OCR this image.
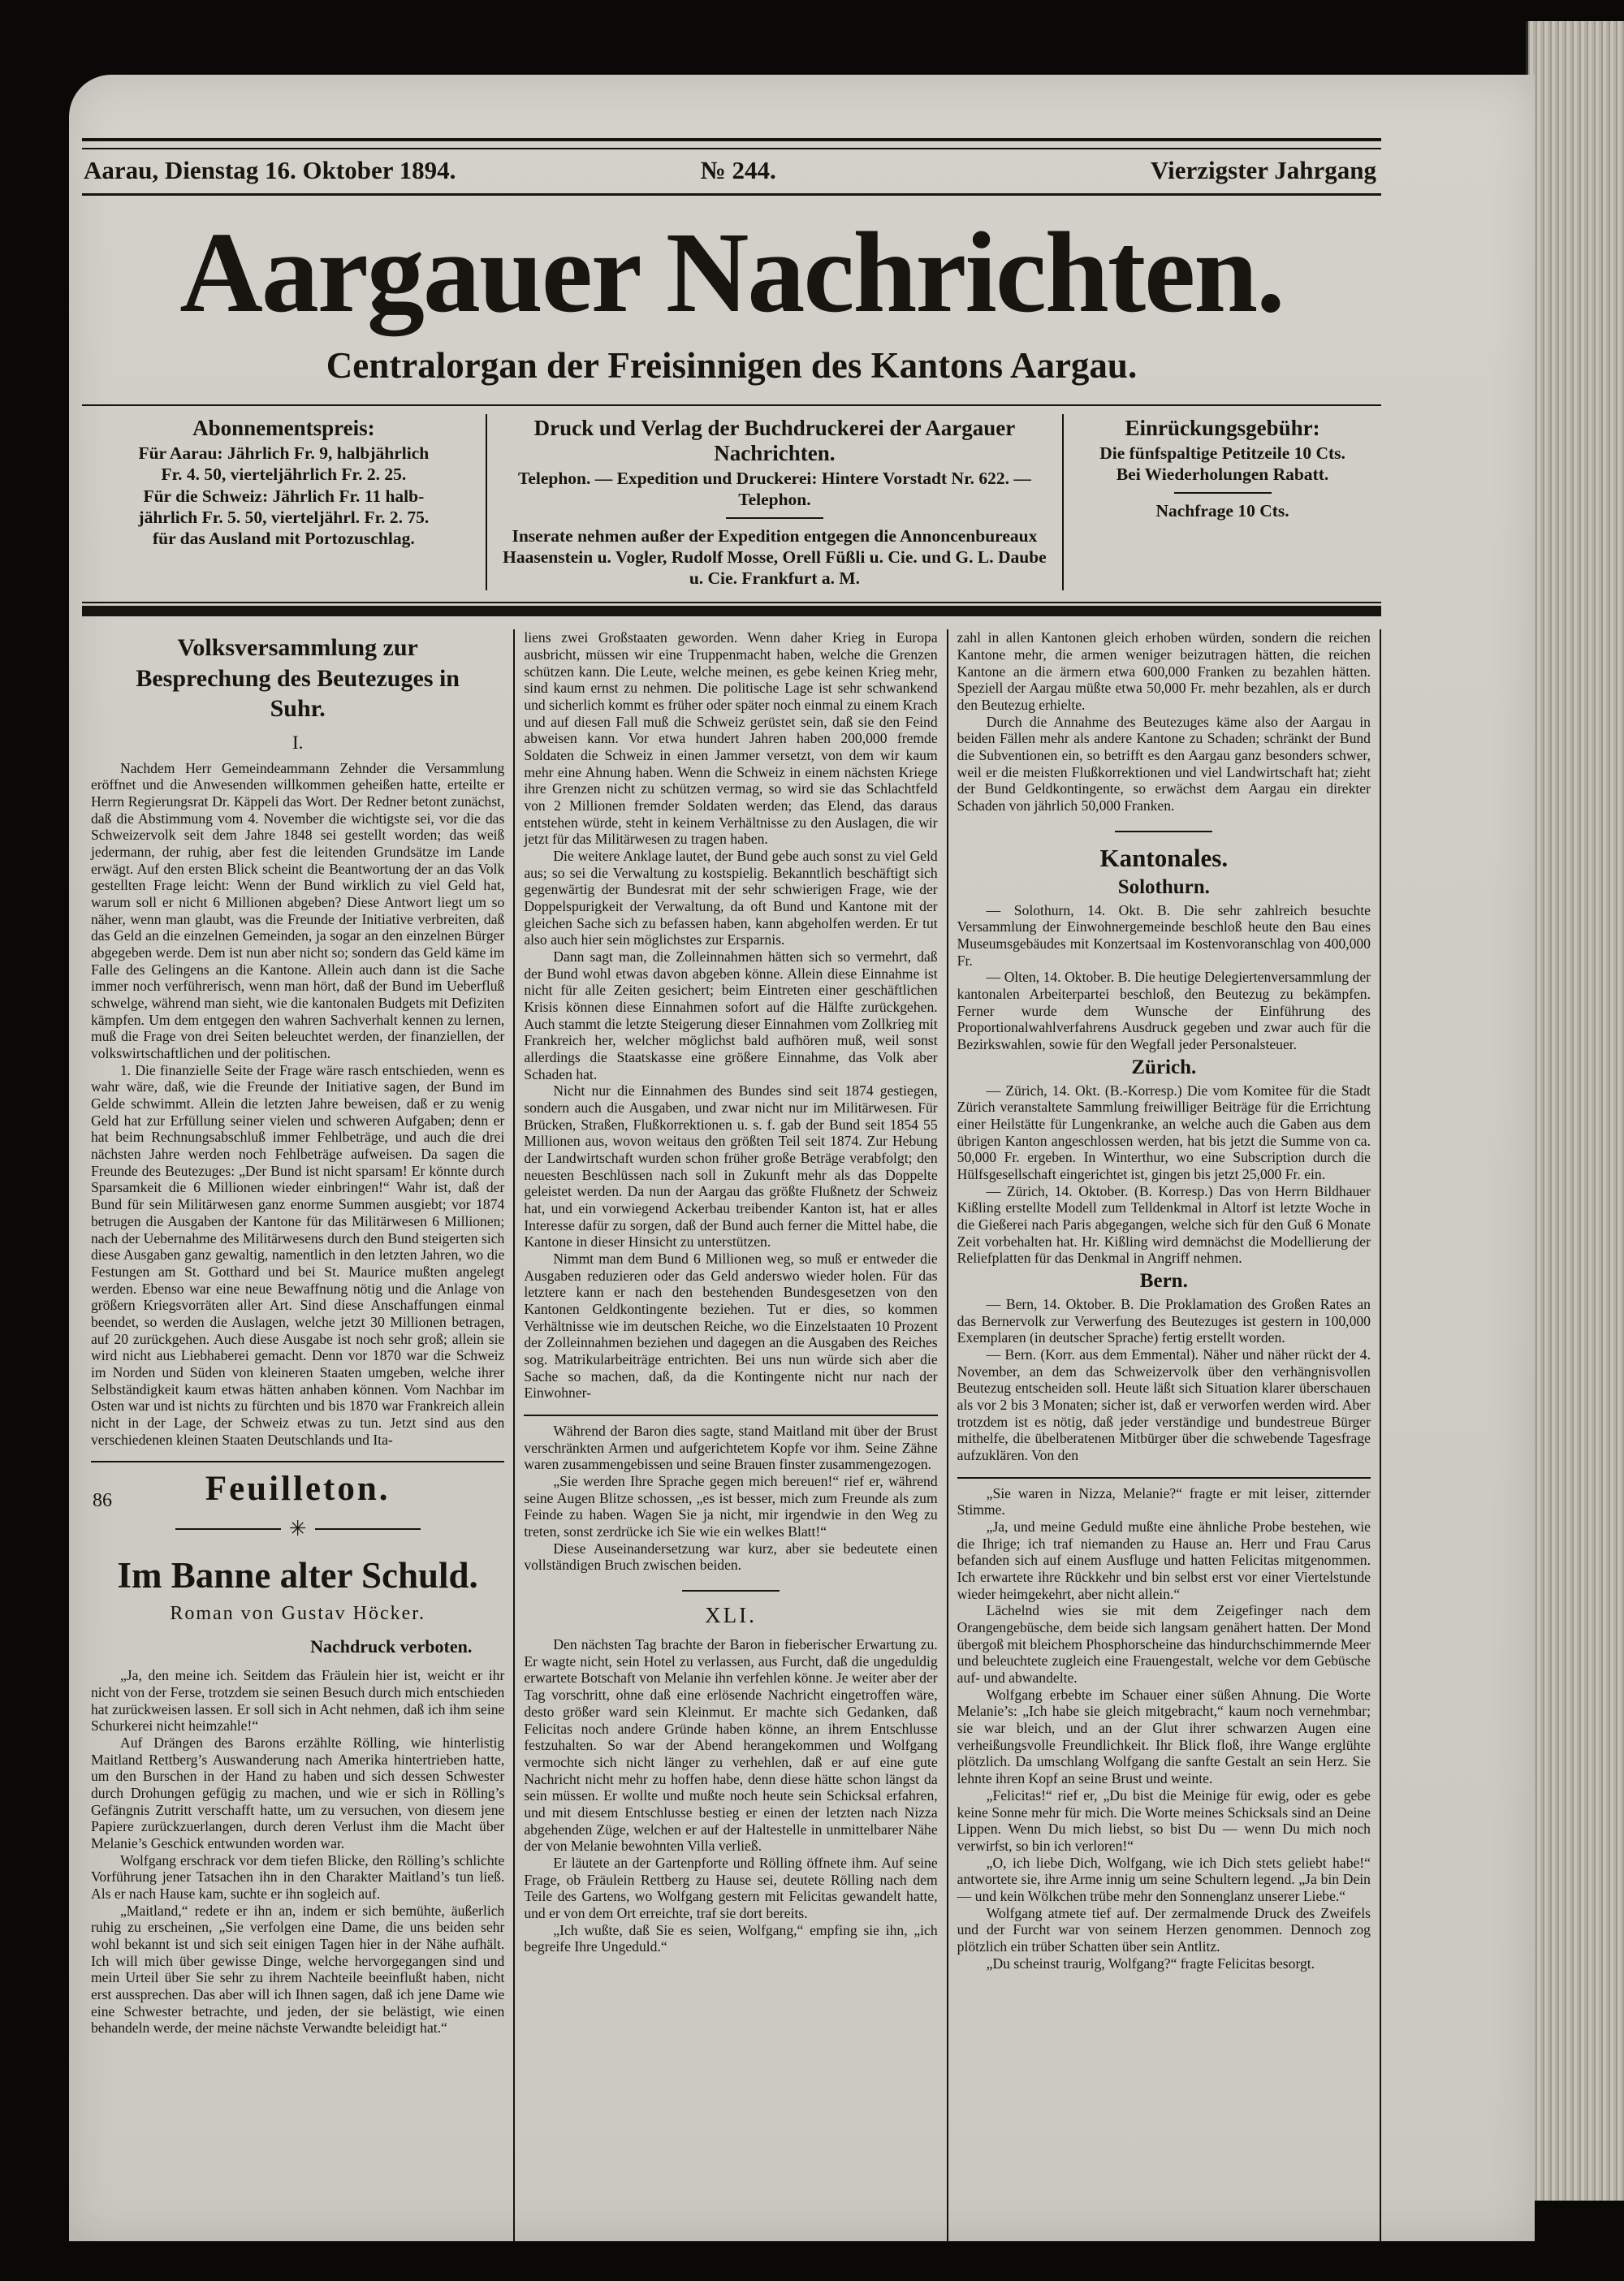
Aarau, Dienstag 16. Oktober 1894.	№ 244.	Vierzigster Jahrgang
Aargauer Nachrichten.
Centralorgan der Freisinnigen des Kantons Aargau.
Abonnementspreis:

Für Aarau: Jährlich Fr. 9, halbjährlich

Fr. 4. 50, vierteljährlich Fr. 2. 25.

Für die Schweiz: Jährlich Fr. 11 halb-

jährlich Fr. 5. 50, vierteljährl. Fr. 2. 75.

für das Ausland mit Portozuschlag.

Druck und Verlag der Buchdruckerei der Aargauer Nachrichten.
Telephon. — Expedition und Druckerei: Hintere Vorstadt Nr. 622. — Telephon.
Inserate nehmen außer der Expedition entgegen die Annoncenbureaux
Haasenstein u. Vogler, Rudolf Mosse, Orell Füßli u. Cie. und G. L. Daube u. Cie. Frankfurt a. M.
Einrückungsgebühr:

Die fünfspaltige Petitzeile 10 Cts.

Bei Wiederholungen Rabatt.

Nachfrage 10 Cts.
Volksversammlung zur Besprechung des Beutezuges in Suhr.
I.

Nachdem Herr Gemeindeammann Zehnder die Versammlung eröffnet und die Anwesenden willkommen geheißen hatte, erteilte er Herrn Regierungsrat Dr. Käppeli das Wort. Der Redner betont zunächst, daß die Abstimmung vom 4. November die wichtigste sei, vor die das Schweizervolk seit dem Jahre 1848 sei gestellt worden; das weiß jedermann, der ruhig, aber fest die leitenden Grundsätze im Lande erwägt. Auf den ersten Blick scheint die Beantwortung der an das Volk gestellten Frage leicht: Wenn der Bund wirklich zu viel Geld hat, warum soll er nicht 6 Millionen abgeben? Diese Antwort liegt um so näher, wenn man glaubt, was die Freunde der Initiative verbreiten, daß das Geld an die einzelnen Gemeinden, ja sogar an den einzelnen Bürger abgegeben werde. Dem ist nun aber nicht so; sondern das Geld käme im Falle des Gelingens an die Kantone. Allein auch dann ist die Sache immer noch verführerisch, wenn man hört, daß der Bund im Ueberfluß schwelge, während man sieht, wie die kantonalen Budgets mit Defiziten kämpfen. Um dem entgegen den wahren Sachverhalt kennen zu lernen, muß die Frage von drei Seiten beleuchtet werden, der finanziellen, der volkswirtschaftlichen und der politischen.

1. Die finanzielle Seite der Frage wäre rasch entschieden, wenn es wahr wäre, daß, wie die Freunde der Initiative sagen, der Bund im Gelde schwimmt. Allein die letzten Jahre beweisen, daß er zu wenig Geld hat zur Erfüllung seiner vielen und schweren Aufgaben; denn er hat beim Rechnungsabschluß immer Fehlbeträge, und auch die drei nächsten Jahre werden noch Fehlbeträge aufweisen. Da sagen die Freunde des Beutezuges: „Der Bund ist nicht sparsam! Er könnte durch Sparsamkeit die 6 Millionen wieder einbringen!“ Wahr ist, daß der Bund für sein Militärwesen ganz enorme Summen ausgiebt; vor 1874 betrugen die Ausgaben der Kantone für das Militärwesen 6 Millionen; nach der Uebernahme des Militärwesens durch den Bund steigerten sich diese Ausgaben ganz gewaltig, namentlich in den letzten Jahren, wo die Festungen am St. Gotthard und bei St. Maurice mußten angelegt werden. Ebenso war eine neue Bewaffnung nötig und die Anlage von größern Kriegsvorräten aller Art. Sind diese Anschaffungen einmal beendet, so werden die Auslagen, welche jetzt 30 Millionen betragen, auf 20 zurückgehen. Auch diese Ausgabe ist noch sehr groß; allein sie wird nicht aus Liebhaberei gemacht. Denn vor 1870 war die Schweiz im Norden und Süden von kleineren Staaten umgeben, welche ihrer Selbständigkeit kaum etwas hätten anhaben können. Vom Nachbar im Osten war und ist nichts zu fürchten und bis 1870 war Frankreich allein nicht in der Lage, der Schweiz etwas zu tun. Jetzt sind aus den verschiedenen kleinen Staaten Deutschlands und Ita-

86	Feuilleton.
✳
Im Banne alter Schuld.
Roman von Gustav Höcker.
Nachdruck verboten.

„Ja, den meine ich. Seitdem das Fräulein hier ist, weicht er ihr nicht von der Ferse, trotzdem sie seinen Besuch durch mich entschieden hat zurückweisen lassen. Er soll sich in Acht nehmen, daß ich ihm seine Schurkerei nicht heimzahle!“

Auf Drängen des Barons erzählte Rölling, wie hinterlistig Maitland Rettberg’s Auswanderung nach Amerika hintertrieben hatte, um den Burschen in der Hand zu haben und sich dessen Schwester durch Drohungen gefügig zu machen, und wie er sich in Rölling’s Gefängnis Zutritt verschafft hatte, um zu versuchen, von diesem jene Papiere zurückzuerlangen, durch deren Verlust ihm die Macht über Melanie’s Geschick entwunden worden war.

Wolfgang erschrack vor dem tiefen Blicke, den Rölling’s schlichte Vorführung jener Tatsachen ihn in den Charakter Maitland’s tun ließ. Als er nach Hause kam, suchte er ihn sogleich auf.

„Maitland,“ redete er ihn an, indem er sich bemühte, äußerlich ruhig zu erscheinen, „Sie verfolgen eine Dame, die uns beiden sehr wohl bekannt ist und sich seit einigen Tagen hier in der Nähe aufhält. Ich will mich über gewisse Dinge, welche hervorgegangen sind und mein Urteil über Sie sehr zu ihrem Nachteile beeinflußt haben, nicht erst aussprechen. Das aber will ich Ihnen sagen, daß ich jene Dame wie eine Schwester betrachte, und jeden, der sie belästigt, wie einen behandeln werde, der meine nächste Verwandte beleidigt hat.“

liens zwei Großstaaten geworden. Wenn daher Krieg in Europa ausbricht, müssen wir eine Truppenmacht haben, welche die Grenzen schützen kann. Die Leute, welche meinen, es gebe keinen Krieg mehr, sind kaum ernst zu nehmen. Die politische Lage ist sehr schwankend und sicherlich kommt es früher oder später noch einmal zu einem Krach und auf diesen Fall muß die Schweiz gerüstet sein, daß sie den Feind abweisen kann. Vor etwa hundert Jahren haben 200,000 fremde Soldaten die Schweiz in einen Jammer versetzt, von dem wir kaum mehr eine Ahnung haben. Wenn die Schweiz in einem nächsten Kriege ihre Grenzen nicht zu schützen vermag, so wird sie das Schlachtfeld von 2 Millionen fremder Soldaten werden; das Elend, das daraus entstehen würde, steht in keinem Verhältnisse zu den Auslagen, die wir jetzt für das Militärwesen zu tragen haben.

Die weitere Anklage lautet, der Bund gebe auch sonst zu viel Geld aus; so sei die Verwaltung zu kostspielig. Bekanntlich beschäftigt sich gegenwärtig der Bundesrat mit der sehr schwierigen Frage, wie der Doppelspurigkeit der Verwaltung, da oft Bund und Kantone mit der gleichen Sache sich zu befassen haben, kann abgeholfen werden. Er tut also auch hier sein möglichstes zur Ersparnis.

Dann sagt man, die Zolleinnahmen hätten sich so vermehrt, daß der Bund wohl etwas davon abgeben könne. Allein diese Einnahme ist nicht für alle Zeiten gesichert; beim Eintreten einer geschäftlichen Krisis können diese Einnahmen sofort auf die Hälfte zurückgehen. Auch stammt die letzte Steigerung dieser Einnahmen vom Zollkrieg mit Frankreich her, welcher möglichst bald aufhören muß, weil sonst allerdings die Staatskasse eine größere Einnahme, das Volk aber Schaden hat.

Nicht nur die Einnahmen des Bundes sind seit 1874 gestiegen, sondern auch die Ausgaben, und zwar nicht nur im Militärwesen. Für Brücken, Straßen, Flußkorrektionen u. s. f. gab der Bund seit 1854 55 Millionen aus, wovon weitaus den größten Teil seit 1874. Zur Hebung der Landwirtschaft wurden schon früher große Beträge verabfolgt; den neuesten Beschlüssen nach soll in Zukunft mehr als das Doppelte geleistet werden. Da nun der Aargau das größte Flußnetz der Schweiz hat, und ein vorwiegend Ackerbau treibender Kanton ist, hat er alles Interesse dafür zu sorgen, daß der Bund auch ferner die Mittel habe, die Kantone in dieser Hinsicht zu unterstützen.

Nimmt man dem Bund 6 Millionen weg, so muß er entweder die Ausgaben reduzieren oder das Geld anderswo wieder holen. Für das letztere kann er nach den bestehenden Bundesgesetzen von den Kantonen Geldkontingente beziehen. Tut er dies, so kommen Verhältnisse wie im deutschen Reiche, wo die Einzelstaaten 10 Prozent der Zolleinnahmen beziehen und dagegen an die Ausgaben des Reiches sog. Matrikularbeiträge entrichten. Bei uns nun würde sich aber die Sache so machen, daß, da die Kontingente nicht nur nach der Einwohner-

Während der Baron dies sagte, stand Maitland mit über der Brust verschränkten Armen und aufgerichtetem Kopfe vor ihm. Seine Zähne waren zusammengebissen und seine Brauen finster zusammengezogen.

„Sie werden Ihre Sprache gegen mich bereuen!“ rief er, während seine Augen Blitze schossen, „es ist besser, mich zum Freunde als zum Feinde zu haben. Wagen Sie ja nicht, mir irgendwie in den Weg zu treten, sonst zerdrücke ich Sie wie ein welkes Blatt!“

Diese Auseinandersetzung war kurz, aber sie bedeutete einen vollständigen Bruch zwischen beiden.

XLI.

Den nächsten Tag brachte der Baron in fieberischer Erwartung zu. Er wagte nicht, sein Hotel zu verlassen, aus Furcht, daß die ungeduldig erwartete Botschaft von Melanie ihn verfehlen könne. Je weiter aber der Tag vorschritt, ohne daß eine erlösende Nachricht eingetroffen wäre, desto größer ward sein Kleinmut. Er machte sich Gedanken, daß Felicitas noch andere Gründe haben könne, an ihrem Entschlusse festzuhalten. So war der Abend herangekommen und Wolfgang vermochte sich nicht länger zu verhehlen, daß er auf eine gute Nachricht nicht mehr zu hoffen habe, denn diese hätte schon längst da sein müssen. Er wollte und mußte noch heute sein Schicksal erfahren, und mit diesem Entschlusse bestieg er einen der letzten nach Nizza abgehenden Züge, welchen er auf der Haltestelle in unmittelbarer Nähe der von Melanie bewohnten Villa verließ.

Er läutete an der Gartenpforte und Rölling öffnete ihm. Auf seine Frage, ob Fräulein Rettberg zu Hause sei, deutete Rölling nach dem Teile des Gartens, wo Wolfgang gestern mit Felicitas gewandelt hatte, und er von dem Ort erreichte, traf sie dort bereits.

„Ich wußte, daß Sie es seien, Wolfgang,“ empfing sie ihn, „ich begreife Ihre Ungeduld.“

zahl in allen Kantonen gleich erhoben würden, sondern die reichen Kantone mehr, die armen weniger beizutragen hätten, die reichen Kantone an die ärmern etwa 600,000 Franken zu bezahlen hätten. Speziell der Aargau müßte etwa 50,000 Fr. mehr bezahlen, als er durch den Beutezug erhielte.

Durch die Annahme des Beutezuges käme also der Aargau in beiden Fällen mehr als andere Kantone zu Schaden; schränkt der Bund die Subventionen ein, so betrifft es den Aargau ganz besonders schwer, weil er die meisten Flußkorrektionen und viel Landwirtschaft hat; zieht der Bund Geldkontingente, so erwächst dem Aargau ein direkter Schaden von jährlich 50,000 Franken.

Kantonales.
Solothurn.

— Solothurn, 14. Okt. B. Die sehr zahlreich besuchte Versammlung der Einwohnergemeinde beschloß heute den Bau eines Museumsgebäudes mit Konzertsaal im Kostenvoranschlag von 400,000 Fr.

— Olten, 14. Oktober. B. Die heutige Delegiertenversammlung der kantonalen Arbeiterpartei beschloß, den Beutezug zu bekämpfen. Ferner wurde dem Wunsche der Einführung des Proportionalwahlverfahrens Ausdruck gegeben und zwar auch für die Bezirkswahlen, sowie für den Wegfall jeder Personalsteuer.

Zürich.

— Zürich, 14. Okt. (B.-Korresp.) Die vom Komitee für die Stadt Zürich veranstaltete Sammlung freiwilliger Beiträge für die Errichtung einer Heilstätte für Lungenkranke, an welche auch die Gaben aus dem übrigen Kanton angeschlossen werden, hat bis jetzt die Summe von ca. 50,000 Fr. ergeben. In Winterthur, wo eine Subscription durch die Hülfsgesellschaft eingerichtet ist, gingen bis jetzt 25,000 Fr. ein.

— Zürich, 14. Oktober. (B. Korresp.) Das von Herrn Bildhauer Kißling erstellte Modell zum Telldenkmal in Altorf ist letzte Woche in die Gießerei nach Paris abgegangen, welche sich für den Guß 6 Monate Zeit vorbehalten hat. Hr. Kißling wird demnächst die Modellierung der Reliefplatten für das Denkmal in Angriff nehmen.

Bern.

— Bern, 14. Oktober. B. Die Proklamation des Großen Rates an das Bernervolk zur Verwerfung des Beutezuges ist gestern in 100,000 Exemplaren (in deutscher Sprache) fertig erstellt worden.

— Bern. (Korr. aus dem Emmental). Näher und näher rückt der 4. November, an dem das Schweizervolk über den verhängnisvollen Beutezug entscheiden soll. Heute läßt sich Situation klarer überschauen als vor 2 bis 3 Monaten; sicher ist, daß er verworfen werden wird. Aber trotzdem ist es nötig, daß jeder verständige und bundestreue Bürger mithelfe, die übelberatenen Mitbürger über die schwebende Tagesfrage aufzuklären. Von den

„Sie waren in Nizza, Melanie?“ fragte er mit leiser, zitternder Stimme.

„Ja, und meine Geduld mußte eine ähnliche Probe bestehen, wie die Ihrige; ich traf niemanden zu Hause an. Herr und Frau Carus befanden sich auf einem Ausfluge und hatten Felicitas mitgenommen. Ich erwartete ihre Rückkehr und bin selbst erst vor einer Viertelstunde wieder heimgekehrt, aber nicht allein.“

Lächelnd wies sie mit dem Zeigefinger nach dem Orangengebüsche, dem beide sich langsam genähert hatten. Der Mond übergoß mit bleichem Phosphorscheine das hindurchschimmernde Meer und beleuchtete zugleich eine Frauengestalt, welche vor dem Gebüsche auf- und abwandelte.

Wolfgang erbebte im Schauer einer süßen Ahnung. Die Worte Melanie’s: „Ich habe sie gleich mitgebracht,“ kaum noch vernehmbar; sie war bleich, und an der Glut ihrer schwarzen Augen eine verheißungsvolle Freundlichkeit. Ihr Blick floß, ihre Wange erglühte plötzlich. Da umschlang Wolfgang die sanfte Gestalt an sein Herz. Sie lehnte ihren Kopf an seine Brust und weinte.

„Felicitas!“ rief er, „Du bist die Meinige für ewig, oder es gebe keine Sonne mehr für mich. Die Worte meines Schicksals sind an Deine Lippen. Wenn Du mich liebst, so bist Du — wenn Du mich noch verwirfst, so bin ich verloren!“

„O, ich liebe Dich, Wolfgang, wie ich Dich stets geliebt habe!“ antwortete sie, ihre Arme innig um seine Schultern legend. „Ja bin Dein — und kein Wölkchen trübe mehr den Sonnenglanz unserer Liebe.“

Wolfgang atmete tief auf. Der zermalmende Druck des Zweifels und der Furcht war von seinem Herzen genommen. Dennoch zog plötzlich ein trüber Schatten über sein Antlitz.

„Du scheinst traurig, Wolfgang?“ fragte Felicitas besorgt.
